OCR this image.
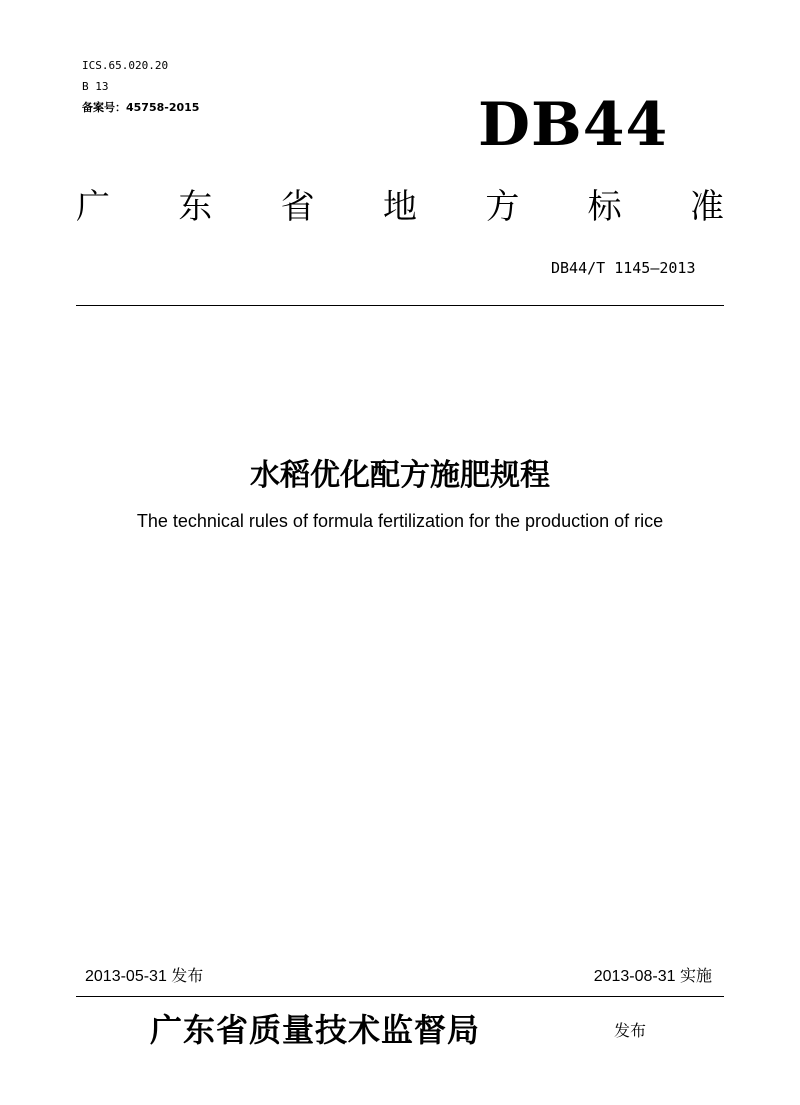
ICS.65.020.20
B 13
备案号：45758-2015	DB44
广 东 省 地 方 标 准
DB44/T 1145—2013
水稻优化配方施肥规程
The technical rules of formula fertilization for the production of rice
2013-05-31 发布	2013-08-31 实施
广东省质量技术监督局	发布
